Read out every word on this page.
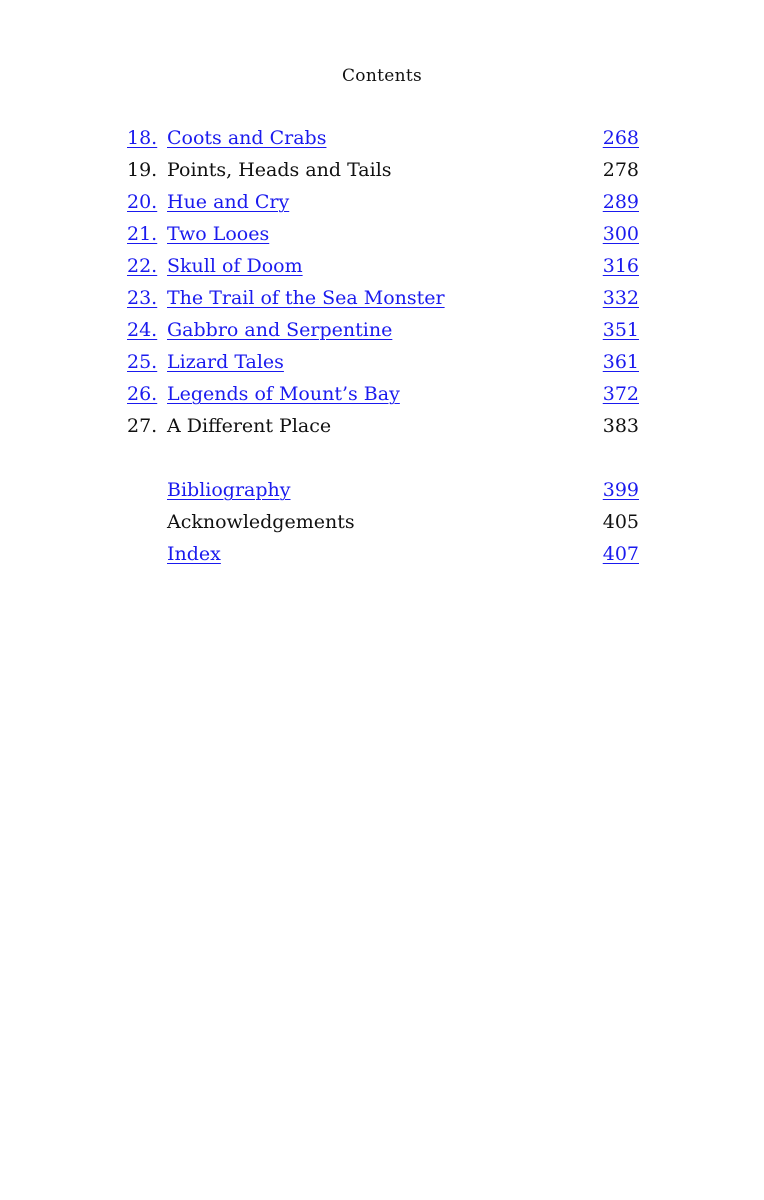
Contents
18. Coots and Crabs	268
19. Points, Heads and Tails	278
20. Hue and Cry	289
21. Two Looes	300
22. Skull of Doom	316
23. The Trail of the Sea Monster	332
24. Gabbro and Serpentine	351
25. Lizard Tales	361
26. Legends of Mount’s Bay	372
27. A Different Place	383
Bibliography	399
Acknowledgements	405
Index	407
